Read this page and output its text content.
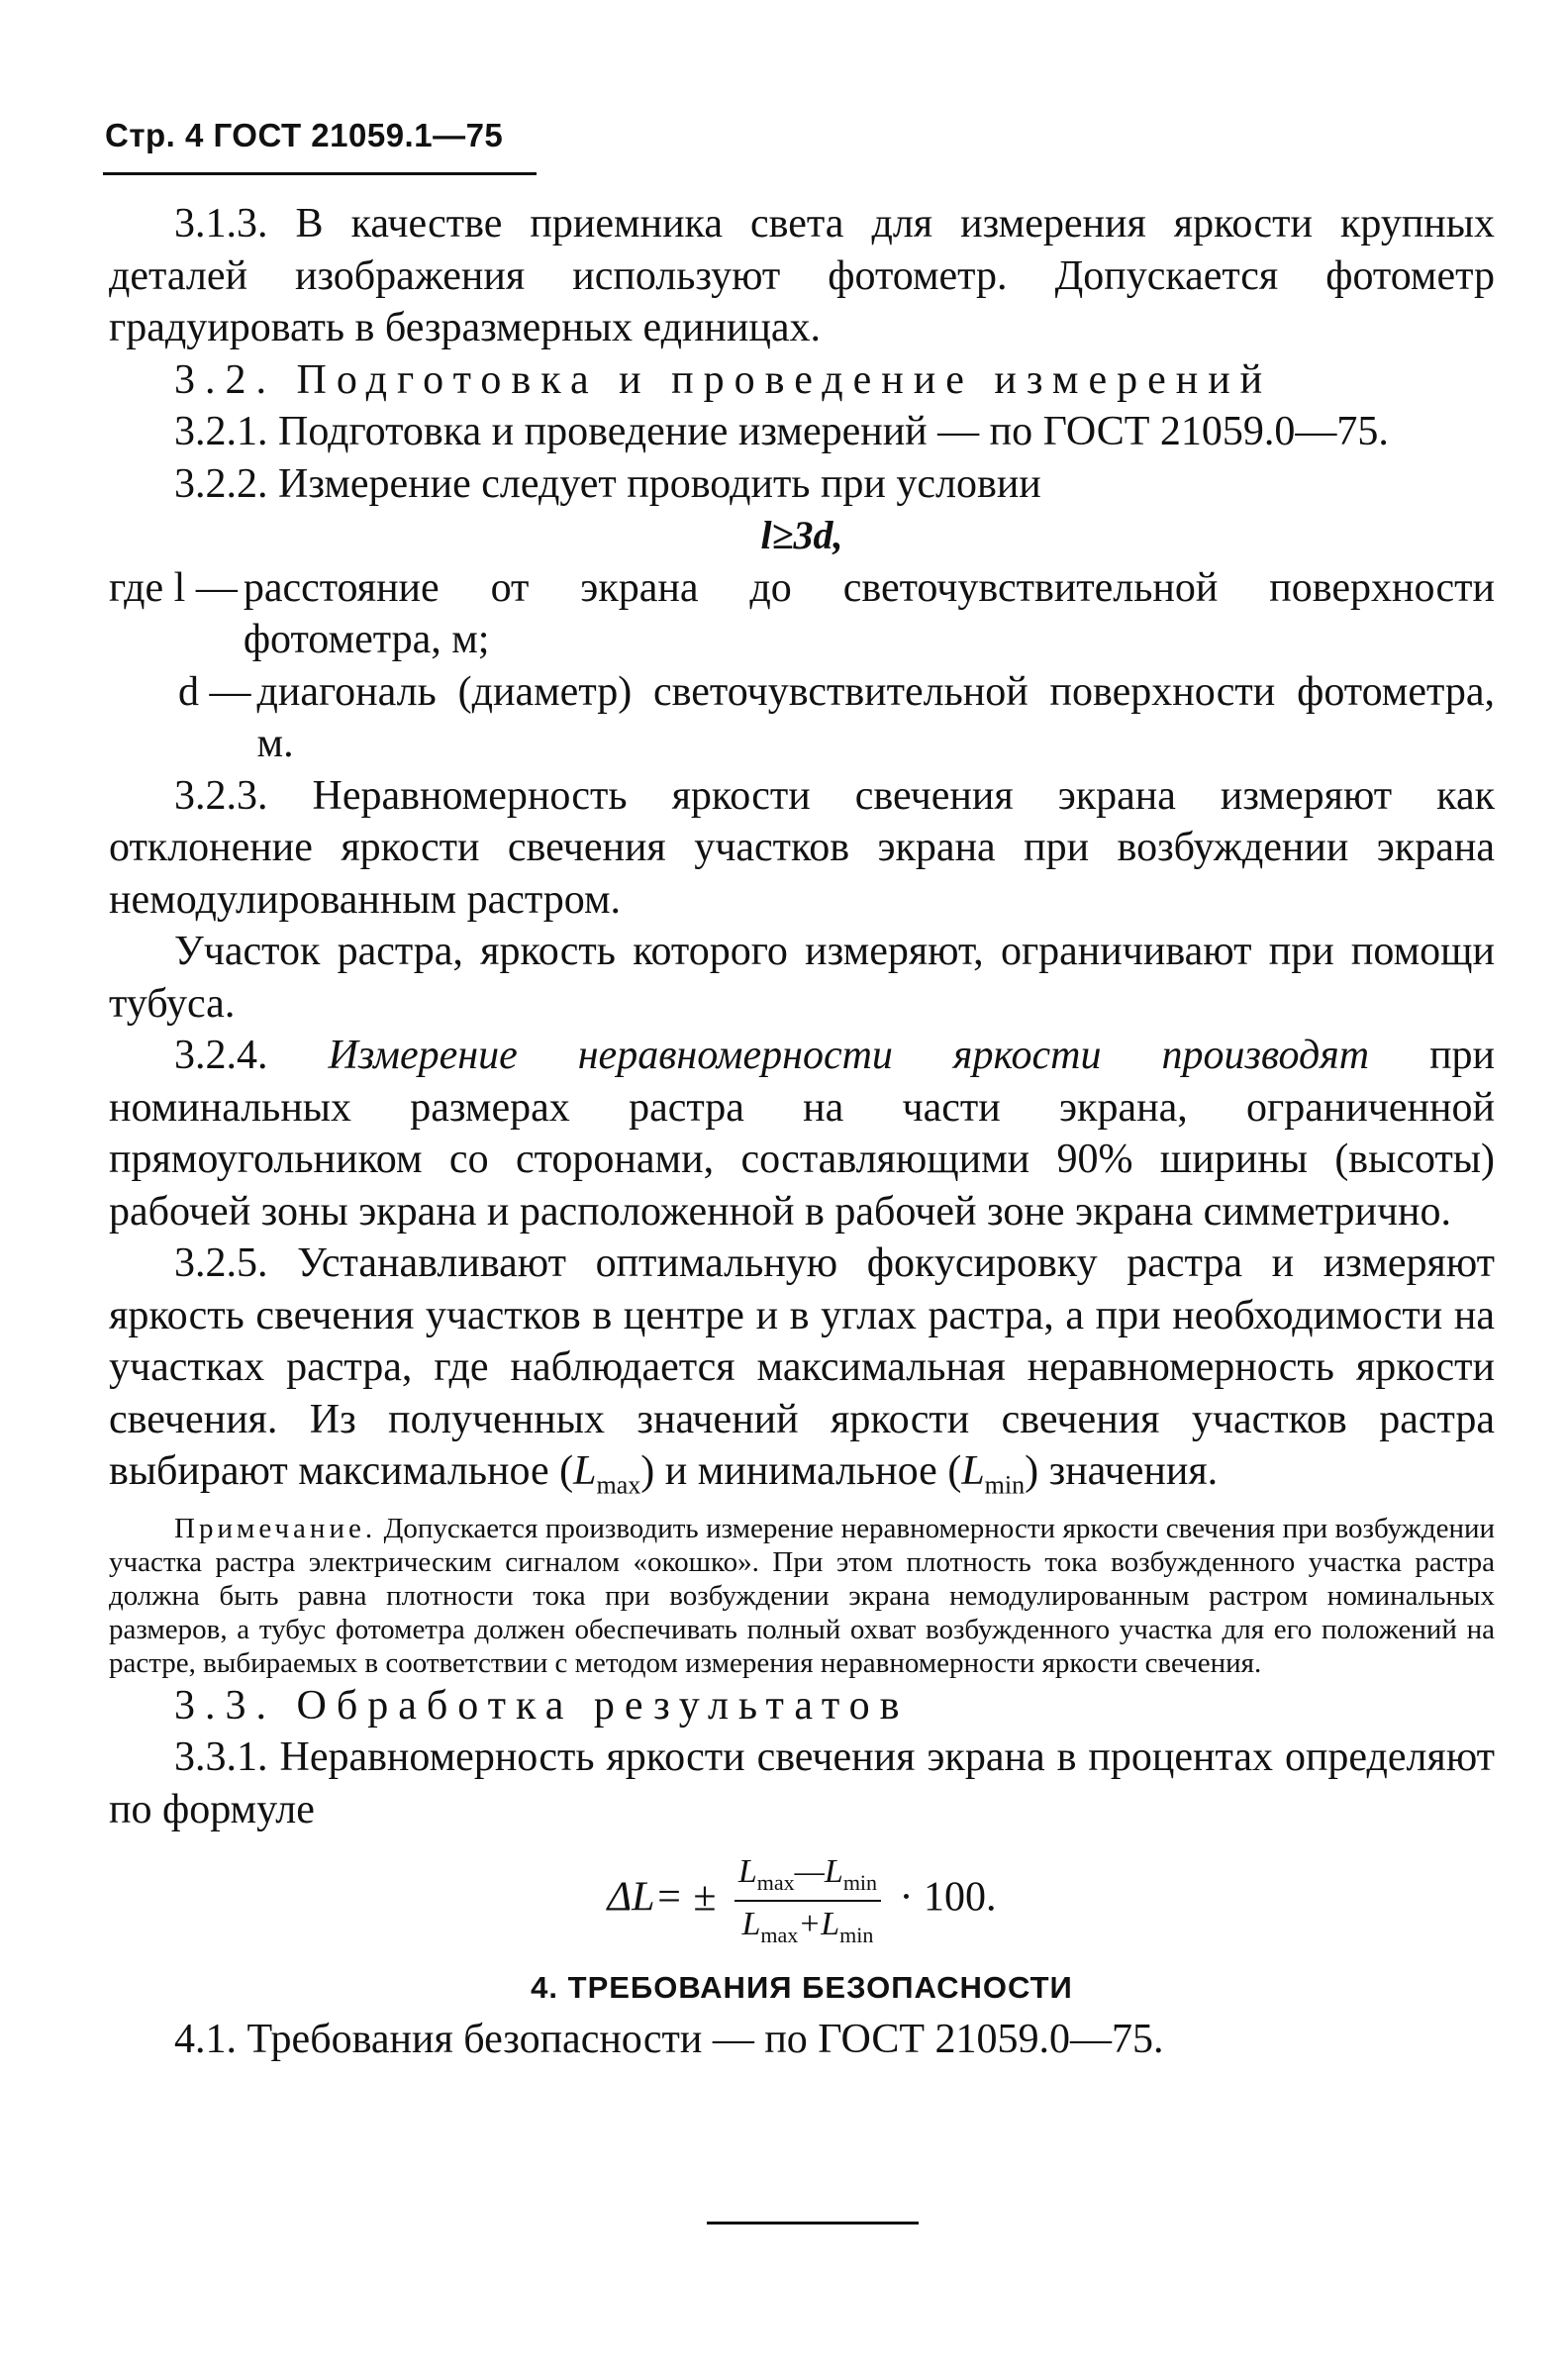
Стр. 4 ГОСТ 21059.1—75

3.1.3. В качестве приемника света для измерения яркости крупных деталей изображения используют фотометр. Допускается фотометр градуировать в безразмерных единицах.

3.2. Подготовка и проведение измерений

3.2.1. Подготовка и проведение измерений — по ГОСТ 21059.0—75.

3.2.2. Измерение следует проводить при условии

l≥3d,

где l — расстояние от экрана до светочувствительной поверхности фотометра, м;
d — диагональ (диаметр) светочувствительной поверхности фотометра, м.

3.2.3. Неравномерность яркости свечения экрана измеряют как отклонение яркости свечения участков экрана при возбуждении экрана немодулированным растром.

Участок растра, яркость которого измеряют, ограничивают при помощи тубуса.

3.2.4. Измерение неравномерности яркости производят при номинальных размерах растра на части экрана, ограниченной прямоугольником со сторонами, составляющими 90% ширины (высоты) рабочей зоны экрана и расположенной в рабочей зоне экрана симметрично.

3.2.5. Устанавливают оптимальную фокусировку растра и измеряют яркость свечения участков в центре и в углах растра, а при необходимости на участках растра, где наблюдается максимальная неравномерность яркости свечения. Из полученных значений яркости свечения участков растра выбирают максимальное $(L_{max})$ и минимальное $(L_{min})$ значения.

Примечание. Допускается производить измерение неравномерности яркости свечения при возбуждении участка растра электрическим сигналом «окошко». При этом плотность тока возбужденного участка растра должна быть равна плотности тока при возбуждении экрана немодулированным растром номинальных размеров, а тубус фотометра должен обеспечивать полный охват возбужденного участка для его положений на растре, выбираемых в соответствии с методом измерения неравномерности яркости свечения.

3.3. Обработка результатов

3.3.1. Неравномерность яркости свечения экрана в процентах определяют по формуле

$\Delta L= \pm \frac{L_{max}—L_{min}}{L_{max}+L_{min}} \cdot 100$.

4. ТРЕБОВАНИЯ БЕЗОПАСНОСТИ

4.1. Требования безопасности — по ГОСТ 21059.0—75.
